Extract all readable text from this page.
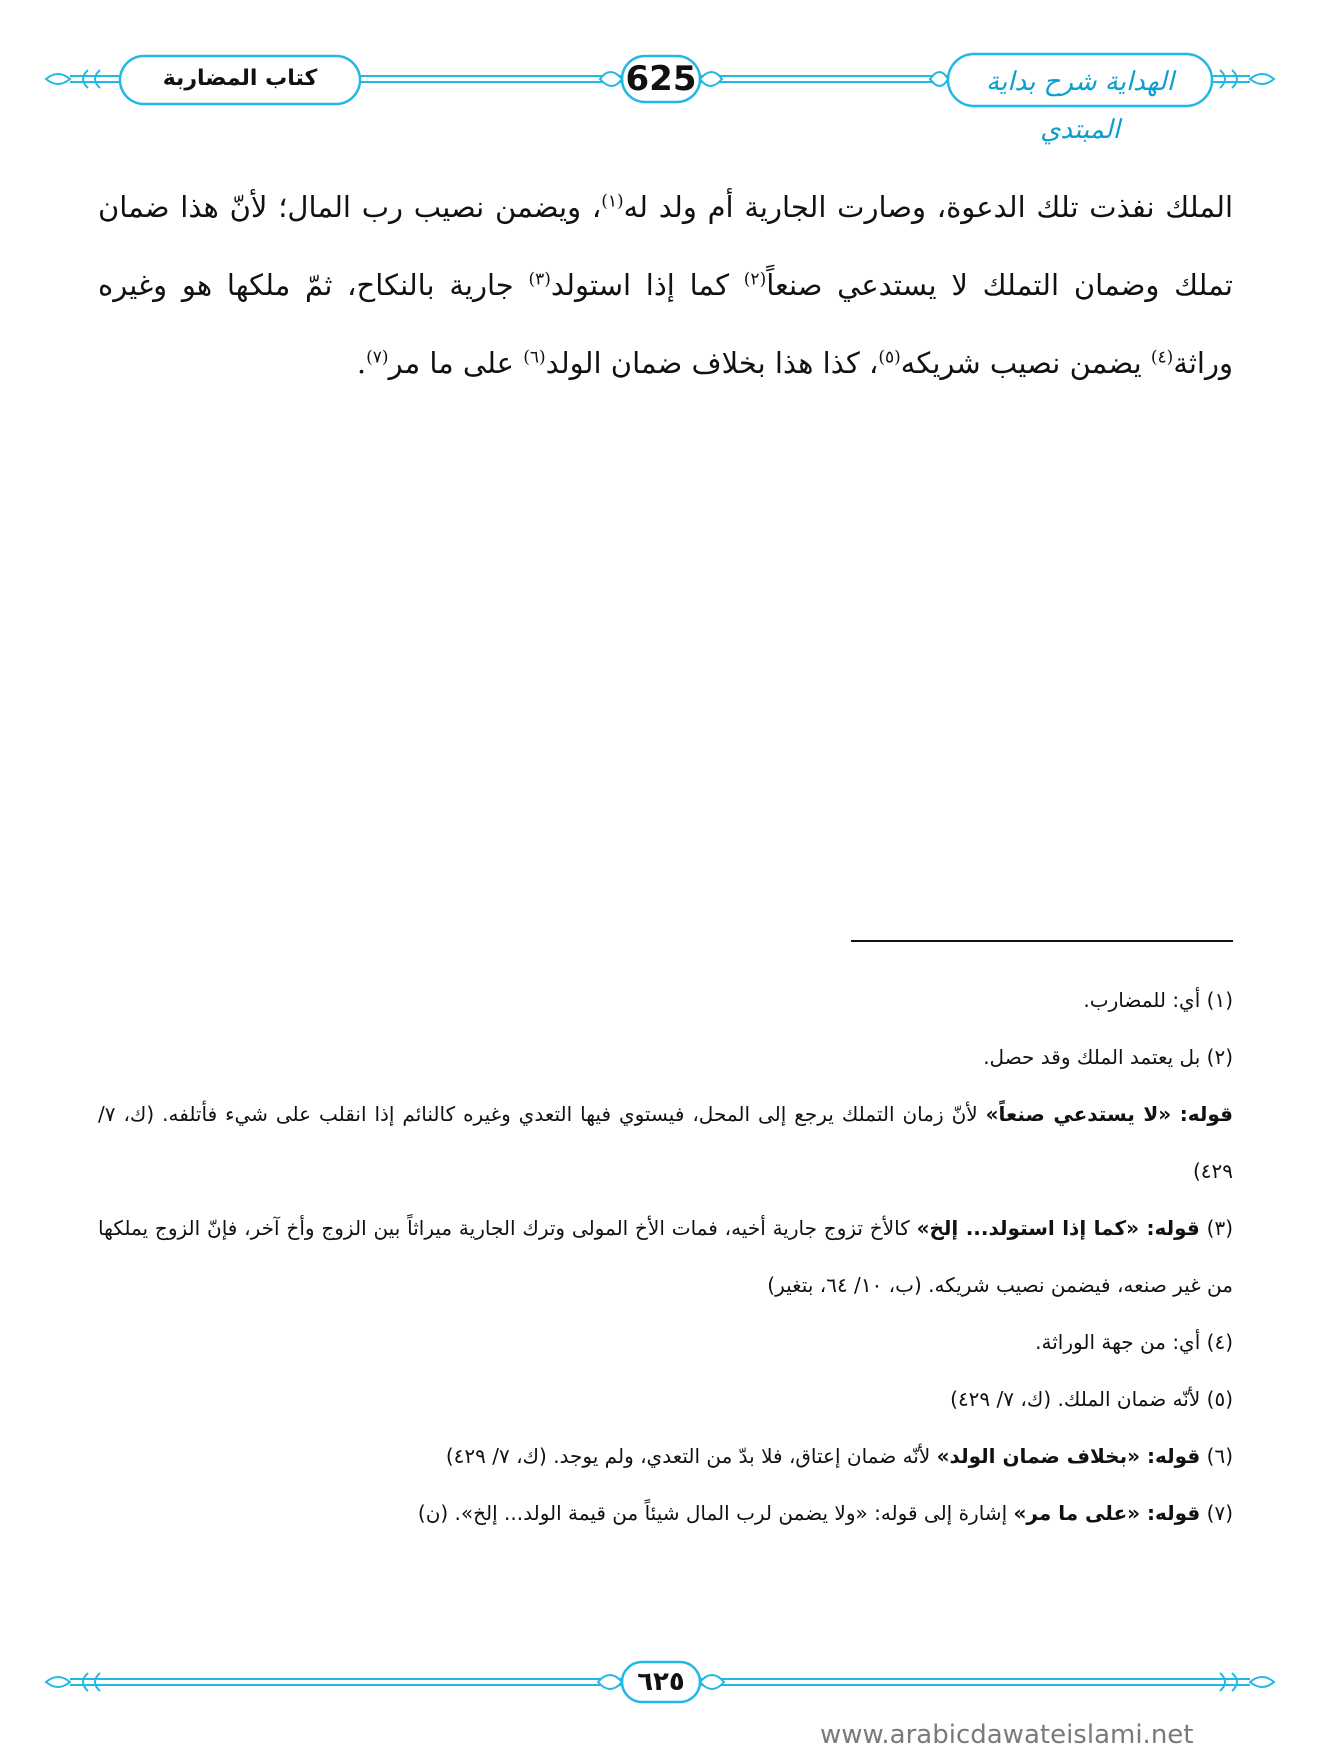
الهداية شرح بداية المبتدي
625
كتاب المضاربة

الملك نفذت تلك الدعوة، وصارت الجارية أم ولد له$^{(١)}$، ويضمن نصيب رب المال؛ لأنّ هذا ضمان تملك وضمان التملك لا يستدعي صنعاً$^{(٢)}$ كما إذا استولد$^{(٣)}$ جارية بالنكاح، ثمّ ملكها هو وغيره وراثة$^{(٤)}$ يضمن نصيب شريكه$^{(٥)}$، كذا هذا بخلاف ضمان الولد$^{(٦)}$ على ما مر$^{(٧)}$.

(١) أي: للمضارب.

(٢) بل يعتمد الملك وقد حصل.

قوله: «لا يستدعي صنعاً» لأنّ زمان التملك يرجع إلى المحل، فيستوي فيها التعدي وغيره كالنائم إذا انقلب على شيء فأتلفه. (ك، ٧/ ٤٢٩)

(٣) قوله: «كما إذا استولد... إلخ» كالأخ تزوج جارية أخيه، فمات الأخ المولى وترك الجارية ميراثاً بين الزوج وأخ آخر، فإنّ الزوج يملكها من غير صنعه، فيضمن نصيب شريكه. (ب، ١٠/ ٦٤، بتغير)

(٤) أي: من جهة الوراثة.

(٥) لأنّه ضمان الملك. (ك، ٧/ ٤٢٩)

(٦) قوله: «بخلاف ضمان الولد» لأنّه ضمان إعتاق، فلا بدّ من التعدي، ولم يوجد. (ك، ٧/ ٤٢٩)

(٧) قوله: «على ما مر» إشارة إلى قوله: «ولا يضمن لرب المال شيئاً من قيمة الولد... إلخ». (ن)

٦٢٥
www.arabicdawateislami.net
